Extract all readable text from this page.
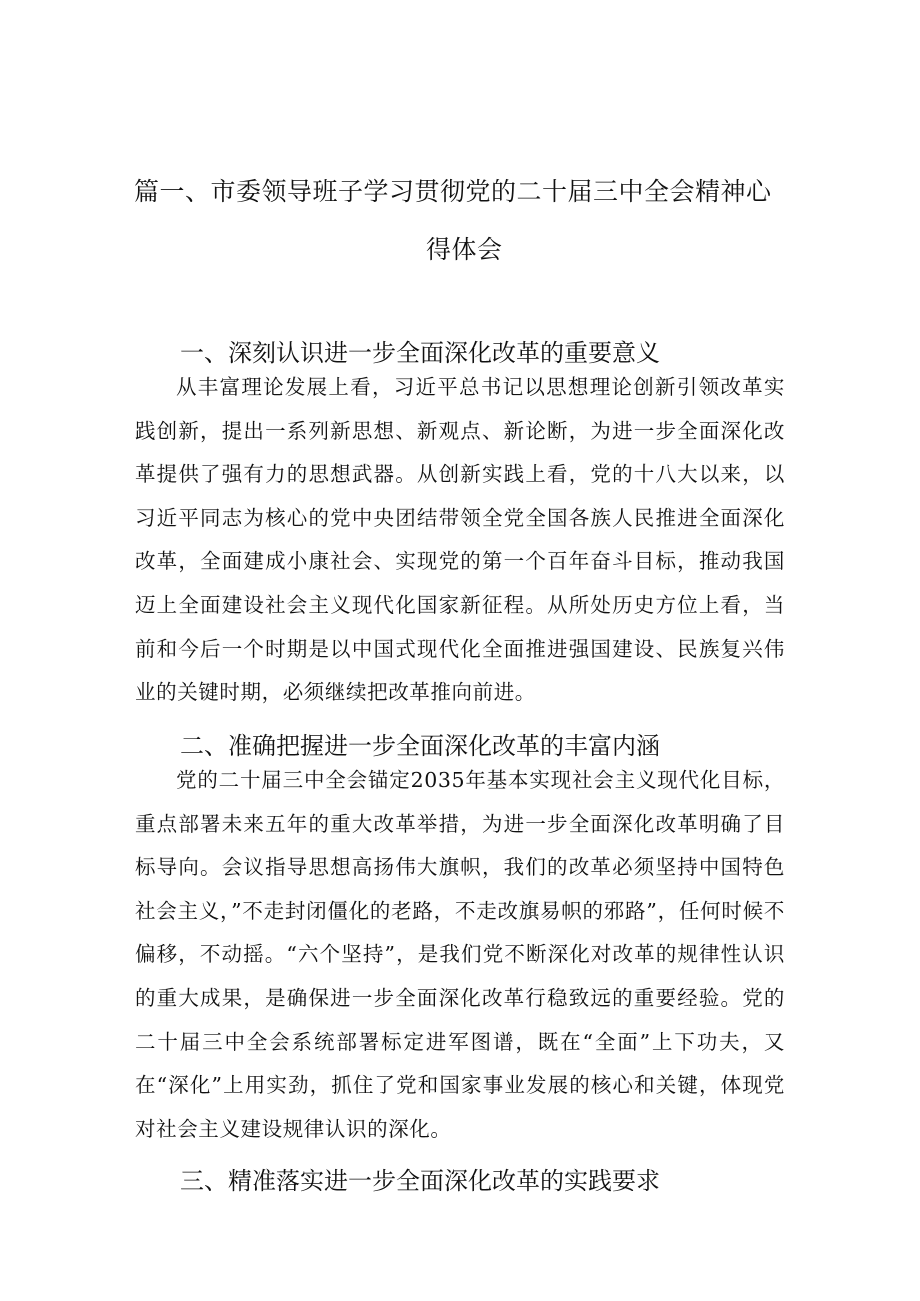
篇一、市委领导班子学习贯彻党的二十届三中全会精神心
得体会
一、深刻认识进一步全面深化改革的重要意义

从丰富理论发展上看，习近平总书记以思想理论创新引领改革实践创新，提出一系列新思想、新观点、新论断，为进一步全面深化改革提供了强有力的思想武器。从创新实践上看，党的十八大以来，以习近平同志为核心的党中央团结带领全党全国各族人民推进全面深化改革，全面建成小康社会、实现党的第一个百年奋斗目标，推动我国迈上全面建设社会主义现代化国家新征程。从所处历史方位上看，当前和今后一个时期是以中国式现代化全面推进强国建设、民族复兴伟业的关键时期，必须继续把改革推向前进。

二、准确把握进一步全面深化改革的丰富内涵

党的二十届三中全会锚定2035年基本实现社会主义现代化目标，重点部署未来五年的重大改革举措，为进一步全面深化改革明确了目标导向。会议指导思想高扬伟大旗帜，我们的改革必须坚持中国特色社会主义，”不走封闭僵化的老路，不走改旗易帜的邪路”，任何时候不偏移，不动摇。“六个坚持”，是我们党不断深化对改革的规律性认识的重大成果，是确保进一步全面深化改革行稳致远的重要经验。党的二十届三中全会系统部署标定进军图谱，既在“全面”上下功夫，又在“深化”上用实劲，抓住了党和国家事业发展的核心和关键，体现党对社会主义建设规律认识的深化。

三、精准落实进一步全面深化改革的实践要求
